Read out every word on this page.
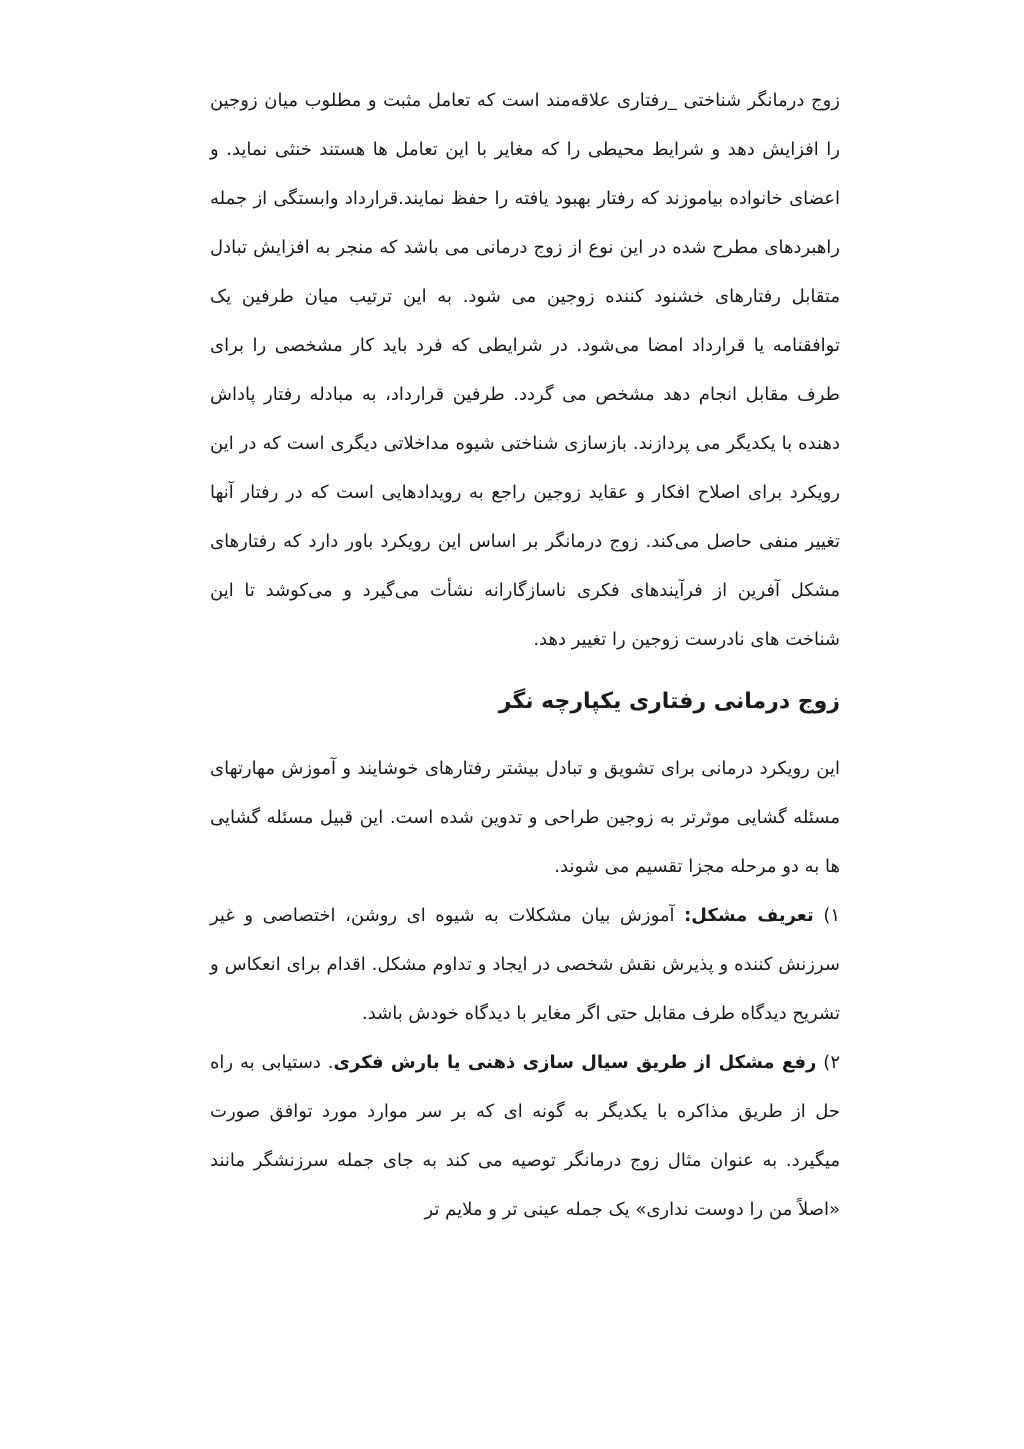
زوج درمانگر شناختی _رفتاری علاقه‌مند است که تعامل مثبت و مطلوب میان زوجین را افزایش دهد و شرایط محیطی را که مغایر با این تعامل ها هستند خنثی نماید. و اعضای خانواده بیاموزند که رفتار بهبود یافته را حفظ نمایند.قرارداد وابستگی از جمله راهبردهای مطرح شده در این نوع از زوج درمانی می باشد که منجر به افزایش تبادل متقابل رفتارهای خشنود کننده زوجین می شود. به این ترتیب میان طرفین یک توافقنامه یا قرارداد امضا می‌شود. در شرایطی که فرد باید کار مشخصی را برای طرف مقابل انجام دهد مشخص می گردد. طرفین قرارداد، به مبادله رفتار پاداش دهنده با یکدیگر می پردازند. بازسازی شناختی شیوه مداخلاتی دیگری است که در این رویکرد برای اصلاح افکار و عقاید زوجین راجع به رویدادهایی است که در رفتار آنها تغییر منفی حاصل می‌کند. زوج درمانگر بر اساس این رویکرد باور دارد که رفتارهای مشکل آفرین از فرآیندهای فکری ناسازگارانه نشأت می‌گیرد و می‌کوشد تا این شناخت های نادرست زوجین را تغییر دهد.

زوج درمانی رفتاری یکپارچه نگر

این رویکرد درمانی برای تشویق و تبادل بیشتر رفتارهای خوشایند و آموزش مهارتهای مسئله گشایی موثرتر به زوجین طراحی و تدوین شده است. این قبیل مسئله گشایی ها به دو مرحله مجزا تقسیم می شوند.

۱) تعریف مشکل: آموزش بیان مشکلات به شیوه ای روشن، اختصاصی و غیر سرزنش کننده و پذیرش نقش شخصی در ایجاد و تداوم مشکل. اقدام برای انعکاس و تشریح دیدگاه طرف مقابل حتی اگر مغایر با دیدگاه خودش باشد.

۲) رفع مشکل از طریق سیال سازی ذهنی یا بارش فکری. دستیابی به راه حل از طریق مذاکره با یکدیگر به گونه ای که بر سر موارد مورد توافق صورت میگیرد. به عنوان مثال زوج درمانگر توصیه می کند به جای جمله سرزنشگر مانند «اصلاً من را دوست نداری» یک جمله عینی تر و ملایم تر
